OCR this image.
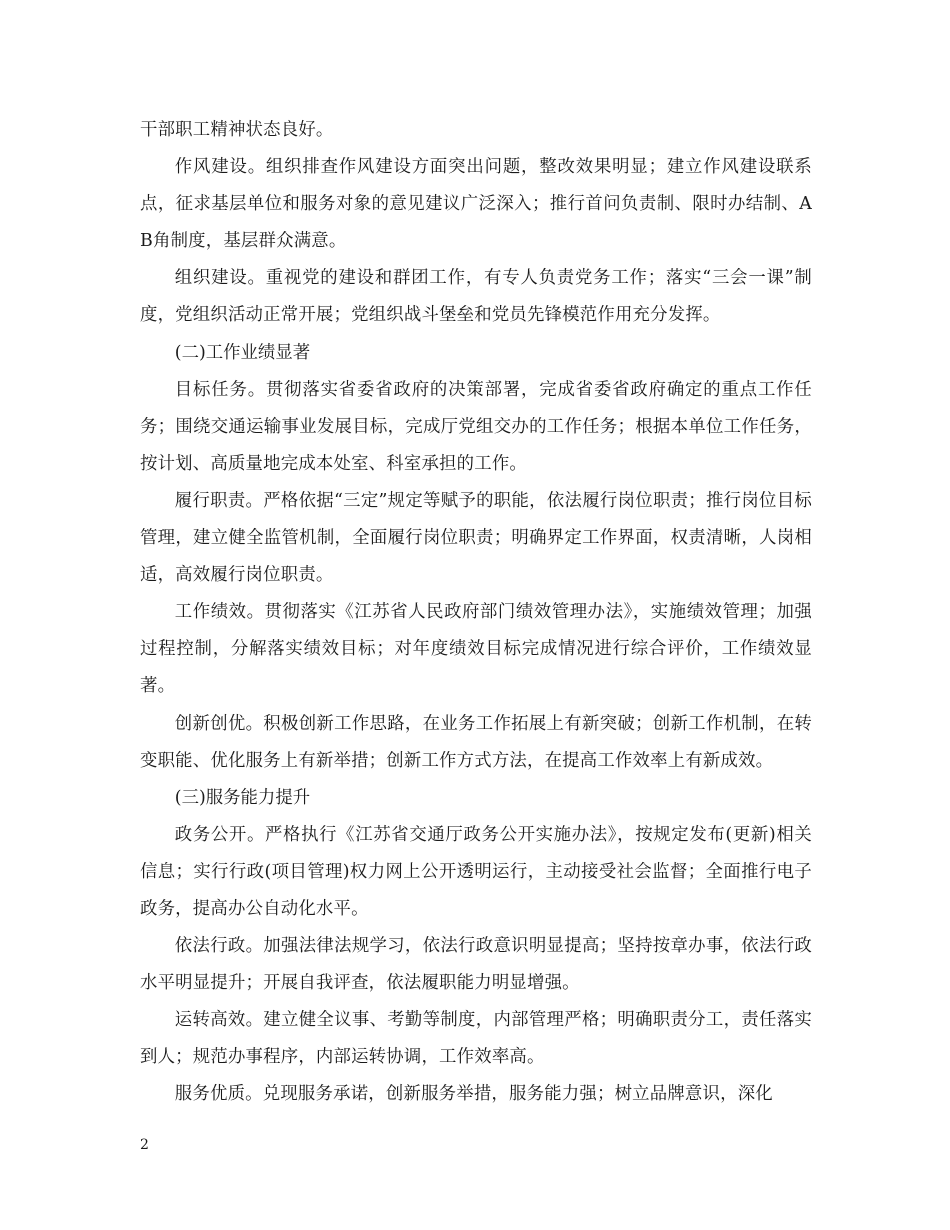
干部职工精神状态良好。

作风建设。组织排查作风建设方面突出问题，整改效果明显；建立作风建设联系点，征求基层单位和服务对象的意见建议广泛深入；推行首问负责制、限时办结制、AB角制度，基层群众满意。

组织建设。重视党的建设和群团工作，有专人负责党务工作；落实“三会一课”制度，党组织活动正常开展；党组织战斗堡垒和党员先锋模范作用充分发挥。

(二)工作业绩显著

目标任务。贯彻落实省委省政府的决策部署，完成省委省政府确定的重点工作任务；围绕交通运输事业发展目标，完成厅党组交办的工作任务；根据本单位工作任务，按计划、高质量地完成本处室、科室承担的工作。

履行职责。严格依据“三定”规定等赋予的职能，依法履行岗位职责；推行岗位目标管理，建立健全监管机制，全面履行岗位职责；明确界定工作界面，权责清晰，人岗相适，高效履行岗位职责。

工作绩效。贯彻落实《江苏省人民政府部门绩效管理办法》，实施绩效管理；加强过程控制，分解落实绩效目标；对年度绩效目标完成情况进行综合评价，工作绩效显著。

创新创优。积极创新工作思路，在业务工作拓展上有新突破；创新工作机制，在转变职能、优化服务上有新举措；创新工作方式方法，在提高工作效率上有新成效。

(三)服务能力提升

政务公开。严格执行《江苏省交通厅政务公开实施办法》，按规定发布(更新)相关信息；实行行政(项目管理)权力网上公开透明运行，主动接受社会监督；全面推行电子政务，提高办公自动化水平。

依法行政。加强法律法规学习，依法行政意识明显提高；坚持按章办事，依法行政水平明显提升；开展自我评查，依法履职能力明显增强。

运转高效。建立健全议事、考勤等制度，内部管理严格；明确职责分工，责任落实到人；规范办事程序，内部运转协调，工作效率高。

服务优质。兑现服务承诺，创新服务举措，服务能力强；树立品牌意识，深化

2
